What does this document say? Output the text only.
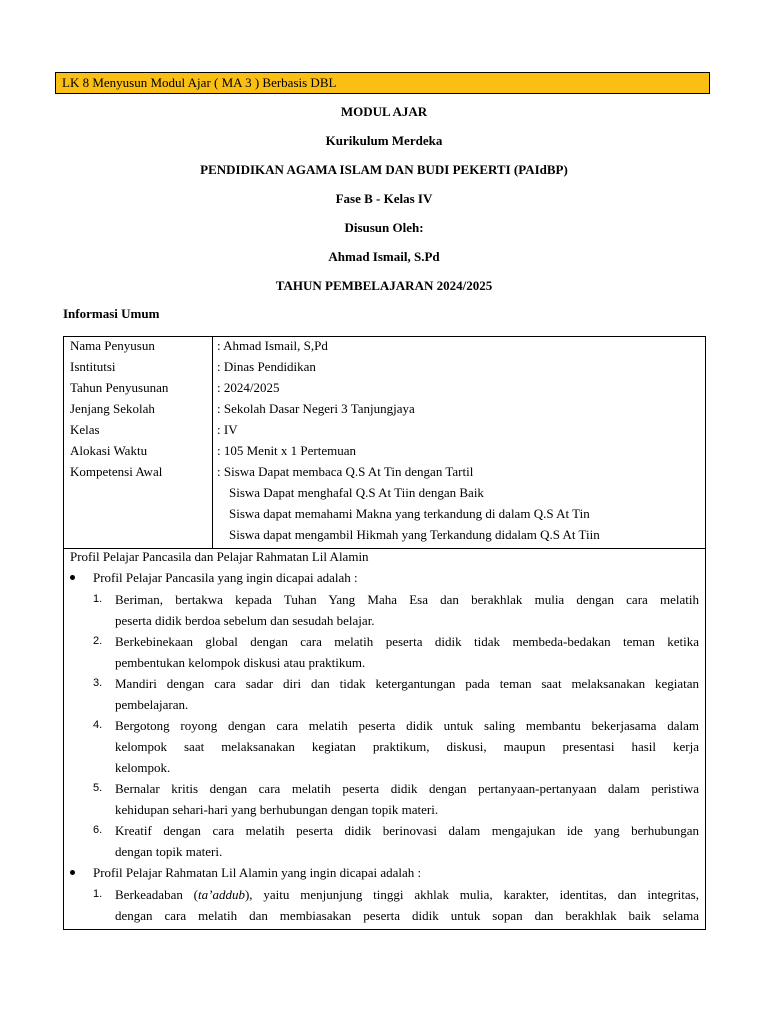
LK 8 Menyusun Modul Ajar ( MA 3 ) Berbasis DBL
MODUL AJAR
Kurikulum Merdeka
PENDIDIKAN AGAMA ISLAM DAN BUDI PEKERTI (PAIdBP)
Fase B - Kelas IV
Disusun Oleh:
Ahmad Ismail, S.Pd
TAHUN PEMBELAJARAN 2024/2025
Informasi Umum
Nama Penyusun	: Ahmad Ismail, S,Pd
Isntitutsi	: Dinas Pendidikan
Tahun Penyusunan	: 2024/2025
Jenjang Sekolah	: Sekolah Dasar Negeri 3 Tanjungjaya
Kelas	: IV
Alokasi Waktu	: 105 Menit x 1 Pertemuan
Kompetensi Awal	: Siswa Dapat membaca Q.S At Tin dengan Tartil
Siswa Dapat menghafal Q.S At Tiin dengan Baik
Siswa dapat memahami Makna yang terkandung di dalam Q.S At Tin
Siswa dapat mengambil Hikmah yang Terkandung didalam Q.S At Tiin
Profil Pelajar Pancasila dan Pelajar Rahmatan Lil Alamin
Profil Pelajar Pancasila yang ingin dicapai adalah :
1. Beriman, bertakwa kepada Tuhan Yang Maha Esa dan berakhlak mulia dengan cara melatih
peserta didik berdoa sebelum dan sesudah belajar.
2. Berkebinekaan global dengan cara melatih peserta didik tidak membeda-bedakan teman ketika
pembentukan kelompok diskusi atau praktikum.
3. Mandiri dengan cara sadar diri dan tidak ketergantungan pada teman saat melaksanakan kegiatan
pembelajaran.
4. Bergotong royong dengan cara melatih peserta didik untuk saling membantu bekerjasama dalam
kelompok saat melaksanakan kegiatan praktikum, diskusi, maupun presentasi hasil kerja
kelompok.
5. Bernalar kritis dengan cara melatih peserta didik dengan pertanyaan-pertanyaan dalam peristiwa
kehidupan sehari-hari yang berhubungan dengan topik materi.
6. Kreatif dengan cara melatih peserta didik berinovasi dalam mengajukan ide yang berhubungan
dengan topik materi.
Profil Pelajar Rahmatan Lil Alamin yang ingin dicapai adalah :
1. Berkeadaban (ta’addub), yaitu menjunjung tinggi akhlak mulia, karakter, identitas, dan integritas,
dengan cara melatih dan membiasakan peserta didik untuk sopan dan berakhlak baik selama
